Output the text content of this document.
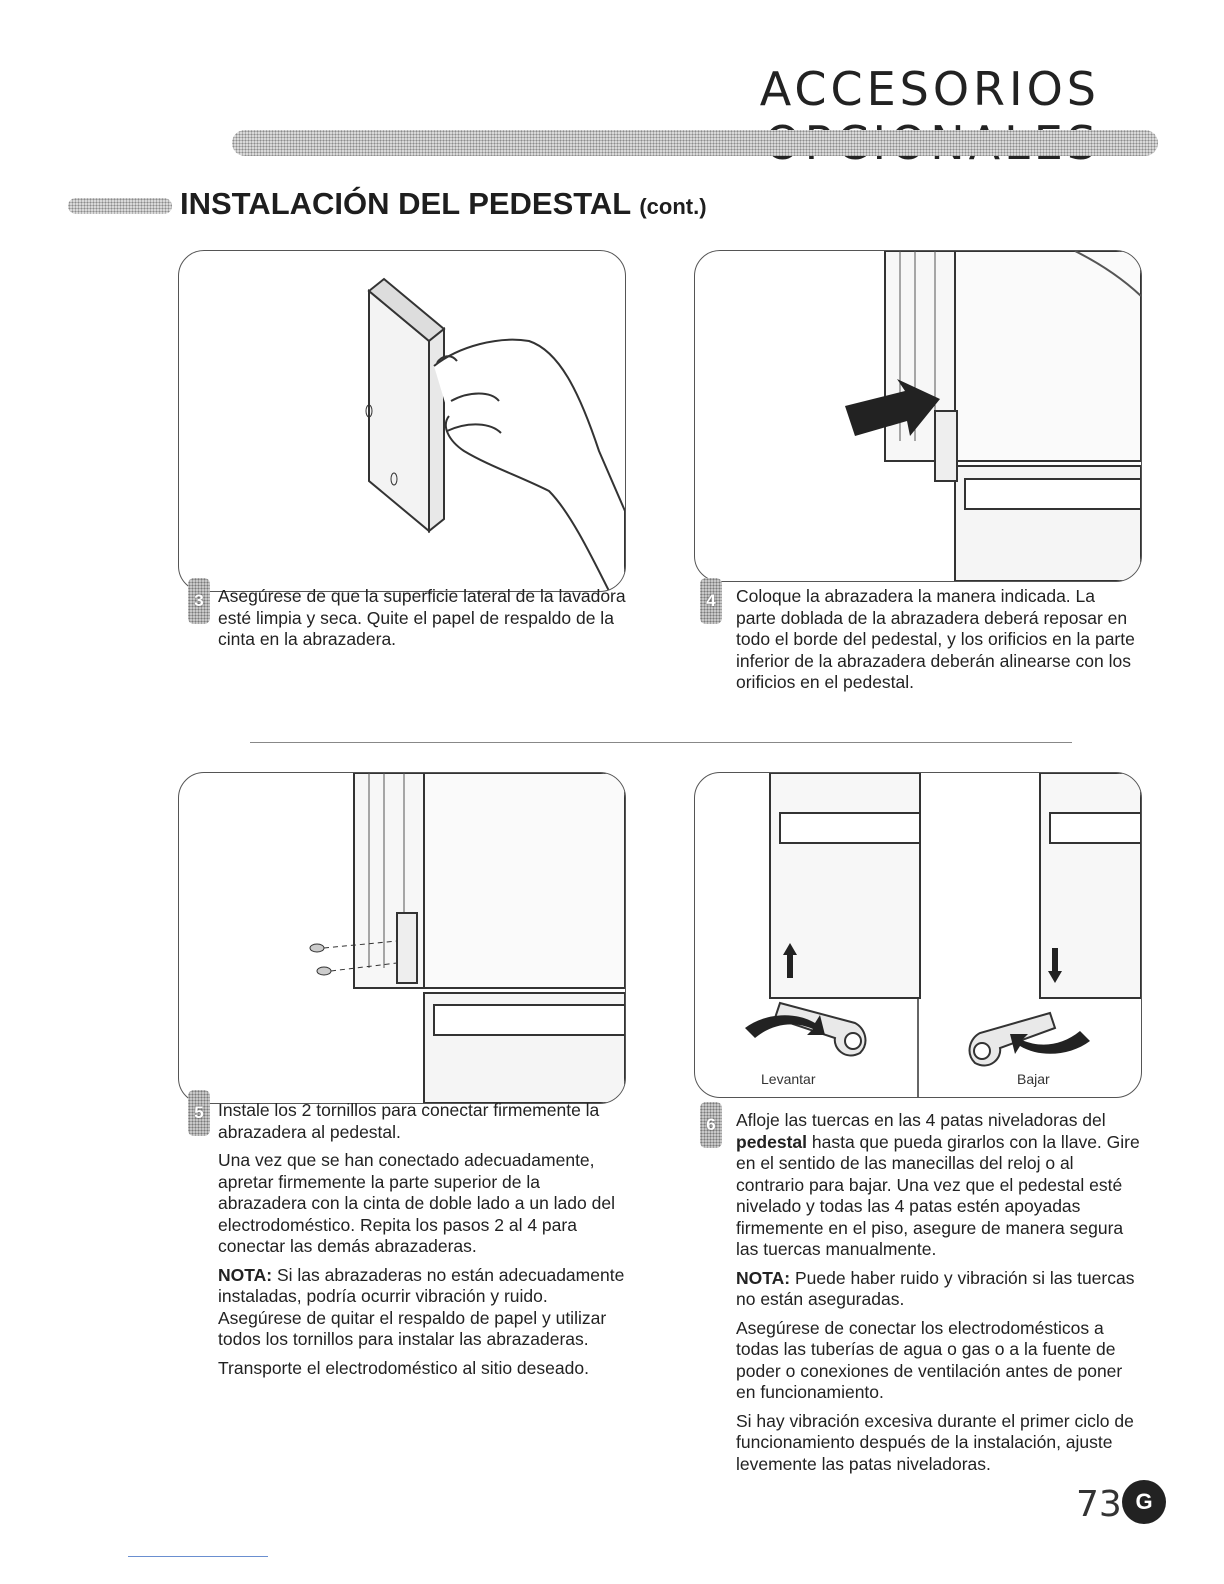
ACCESORIOS
INSTALACIÓN DEL PEDESTAL (cont.)
3 Asegúrese de que la superficie lateral de la lavadora esté limpia y seca. Quite el papel de respaldo de la cinta en la abrazadera.

4	Coloque la abrazadera la manera indicada. La parte doblada de la abrazadera deberá reposar en todo el borde del pedestal, y los orificios en la parte inferior de la abrazadera deberán alinearse con los orificios en el pedestal.

5 Instale los 2 tornillos para conectar firmemente la abrazadera al pedestal.

Una vez que se han conectado adecuadamente, apretar firmemente la parte superior de la abrazadera con la cinta de doble lado a un lado del electrodoméstico. Repita los pasos 2 al 4 para conectar las demás abrazaderas.

NOTA: Si las abrazaderas no están adecuadamente instaladas, podría ocurrir vibración y ruido. Asegúrese de quitar el respaldo de papel y utilizar todos los tornillos para instalar las abrazaderas.

Transporte el electrodoméstico al sitio deseado.

Levantar	Bajar
6	Afloje las tuercas en las 4 patas niveladoras del pedestal hasta que pueda girarlos con la llave. Gire en el sentido de las manecillas del reloj o al contrario para bajar. Una vez que el pedestal esté nivelado y todas las 4 patas estén apoyadas firmemente en el piso, asegure de manera segura las tuercas manualmente.

NOTA: Puede haber ruido y vibración si las tuercas no están aseguradas.

Asegúrese de conectar los electrodomésticos a todas las tuberías de agua o gas o a la fuente de poder o conexiones de ventilación antes de poner en funcionamiento.

Si hay vibración excesiva durante el primer ciclo de funcionamiento después de la instalación, ajuste levemente las patas niveladoras.

73 G
